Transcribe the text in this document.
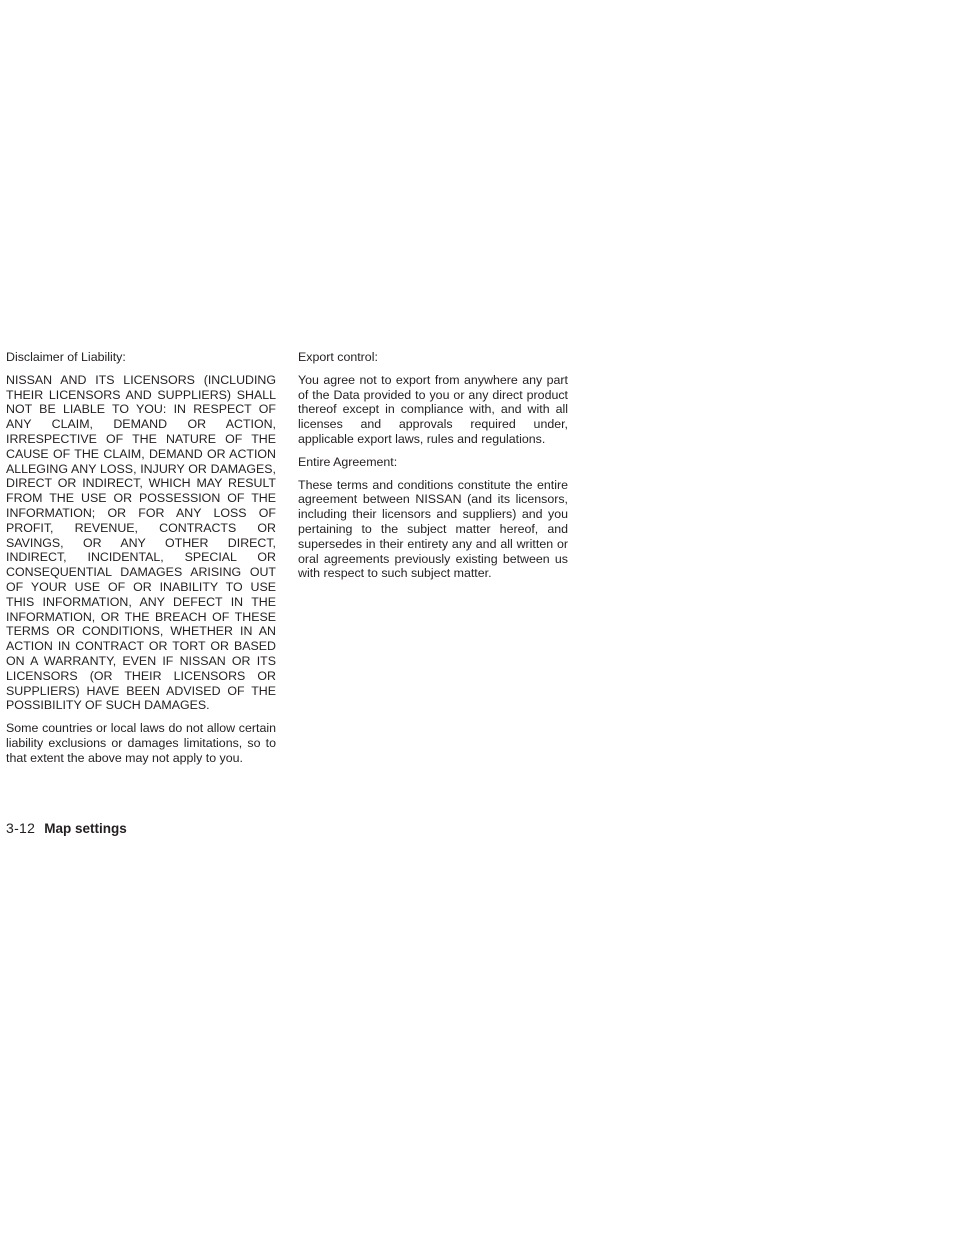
Disclaimer of Liability:

NISSAN AND ITS LICENSORS (INCLUDING THEIR LICENSORS AND SUPPLIERS) SHALL NOT BE LIABLE TO YOU: IN RESPECT OF ANY CLAIM, DEMAND OR ACTION, IRRESPECTIVE OF THE NATURE OF THE CAUSE OF THE CLAIM, DEMAND OR ACTION ALLEGING ANY LOSS, INJURY OR DAMAGES, DIRECT OR INDIRECT, WHICH MAY RESULT FROM THE USE OR POSSESSION OF THE INFORMATION; OR FOR ANY LOSS OF PROFIT, REVENUE, CONTRACTS OR SAVINGS, OR ANY OTHER DIRECT, INDIRECT, INCIDENTAL, SPECIAL OR CONSEQUENTIAL DAMAGES ARISING OUT OF YOUR USE OF OR INABILITY TO USE THIS INFORMATION, ANY DEFECT IN THE INFORMATION, OR THE BREACH OF THESE TERMS OR CONDITIONS, WHETHER IN AN ACTION IN CONTRACT OR TORT OR BASED ON A WARRANTY, EVEN IF NISSAN OR ITS LICENSORS (OR THEIR LICENSORS OR SUPPLIERS) HAVE BEEN ADVISED OF THE POSSIBILITY OF SUCH DAMAGES.

Some countries or local laws do not allow certain liability exclusions or damages limitations, so to that extent the above may not apply to you.

Export control:

You agree not to export from anywhere any part of the Data provided to you or any direct product thereof except in compliance with, and with all licenses and approvals required under, applicable export laws, rules and regulations.

Entire Agreement:

These terms and conditions constitute the entire agreement between NISSAN (and its licensors, including their licensors and suppliers) and you pertaining to the subject matter hereof, and supersedes in their entirety any and all written or oral agreements previously existing between us with respect to such subject matter.

3-12 Map settings
